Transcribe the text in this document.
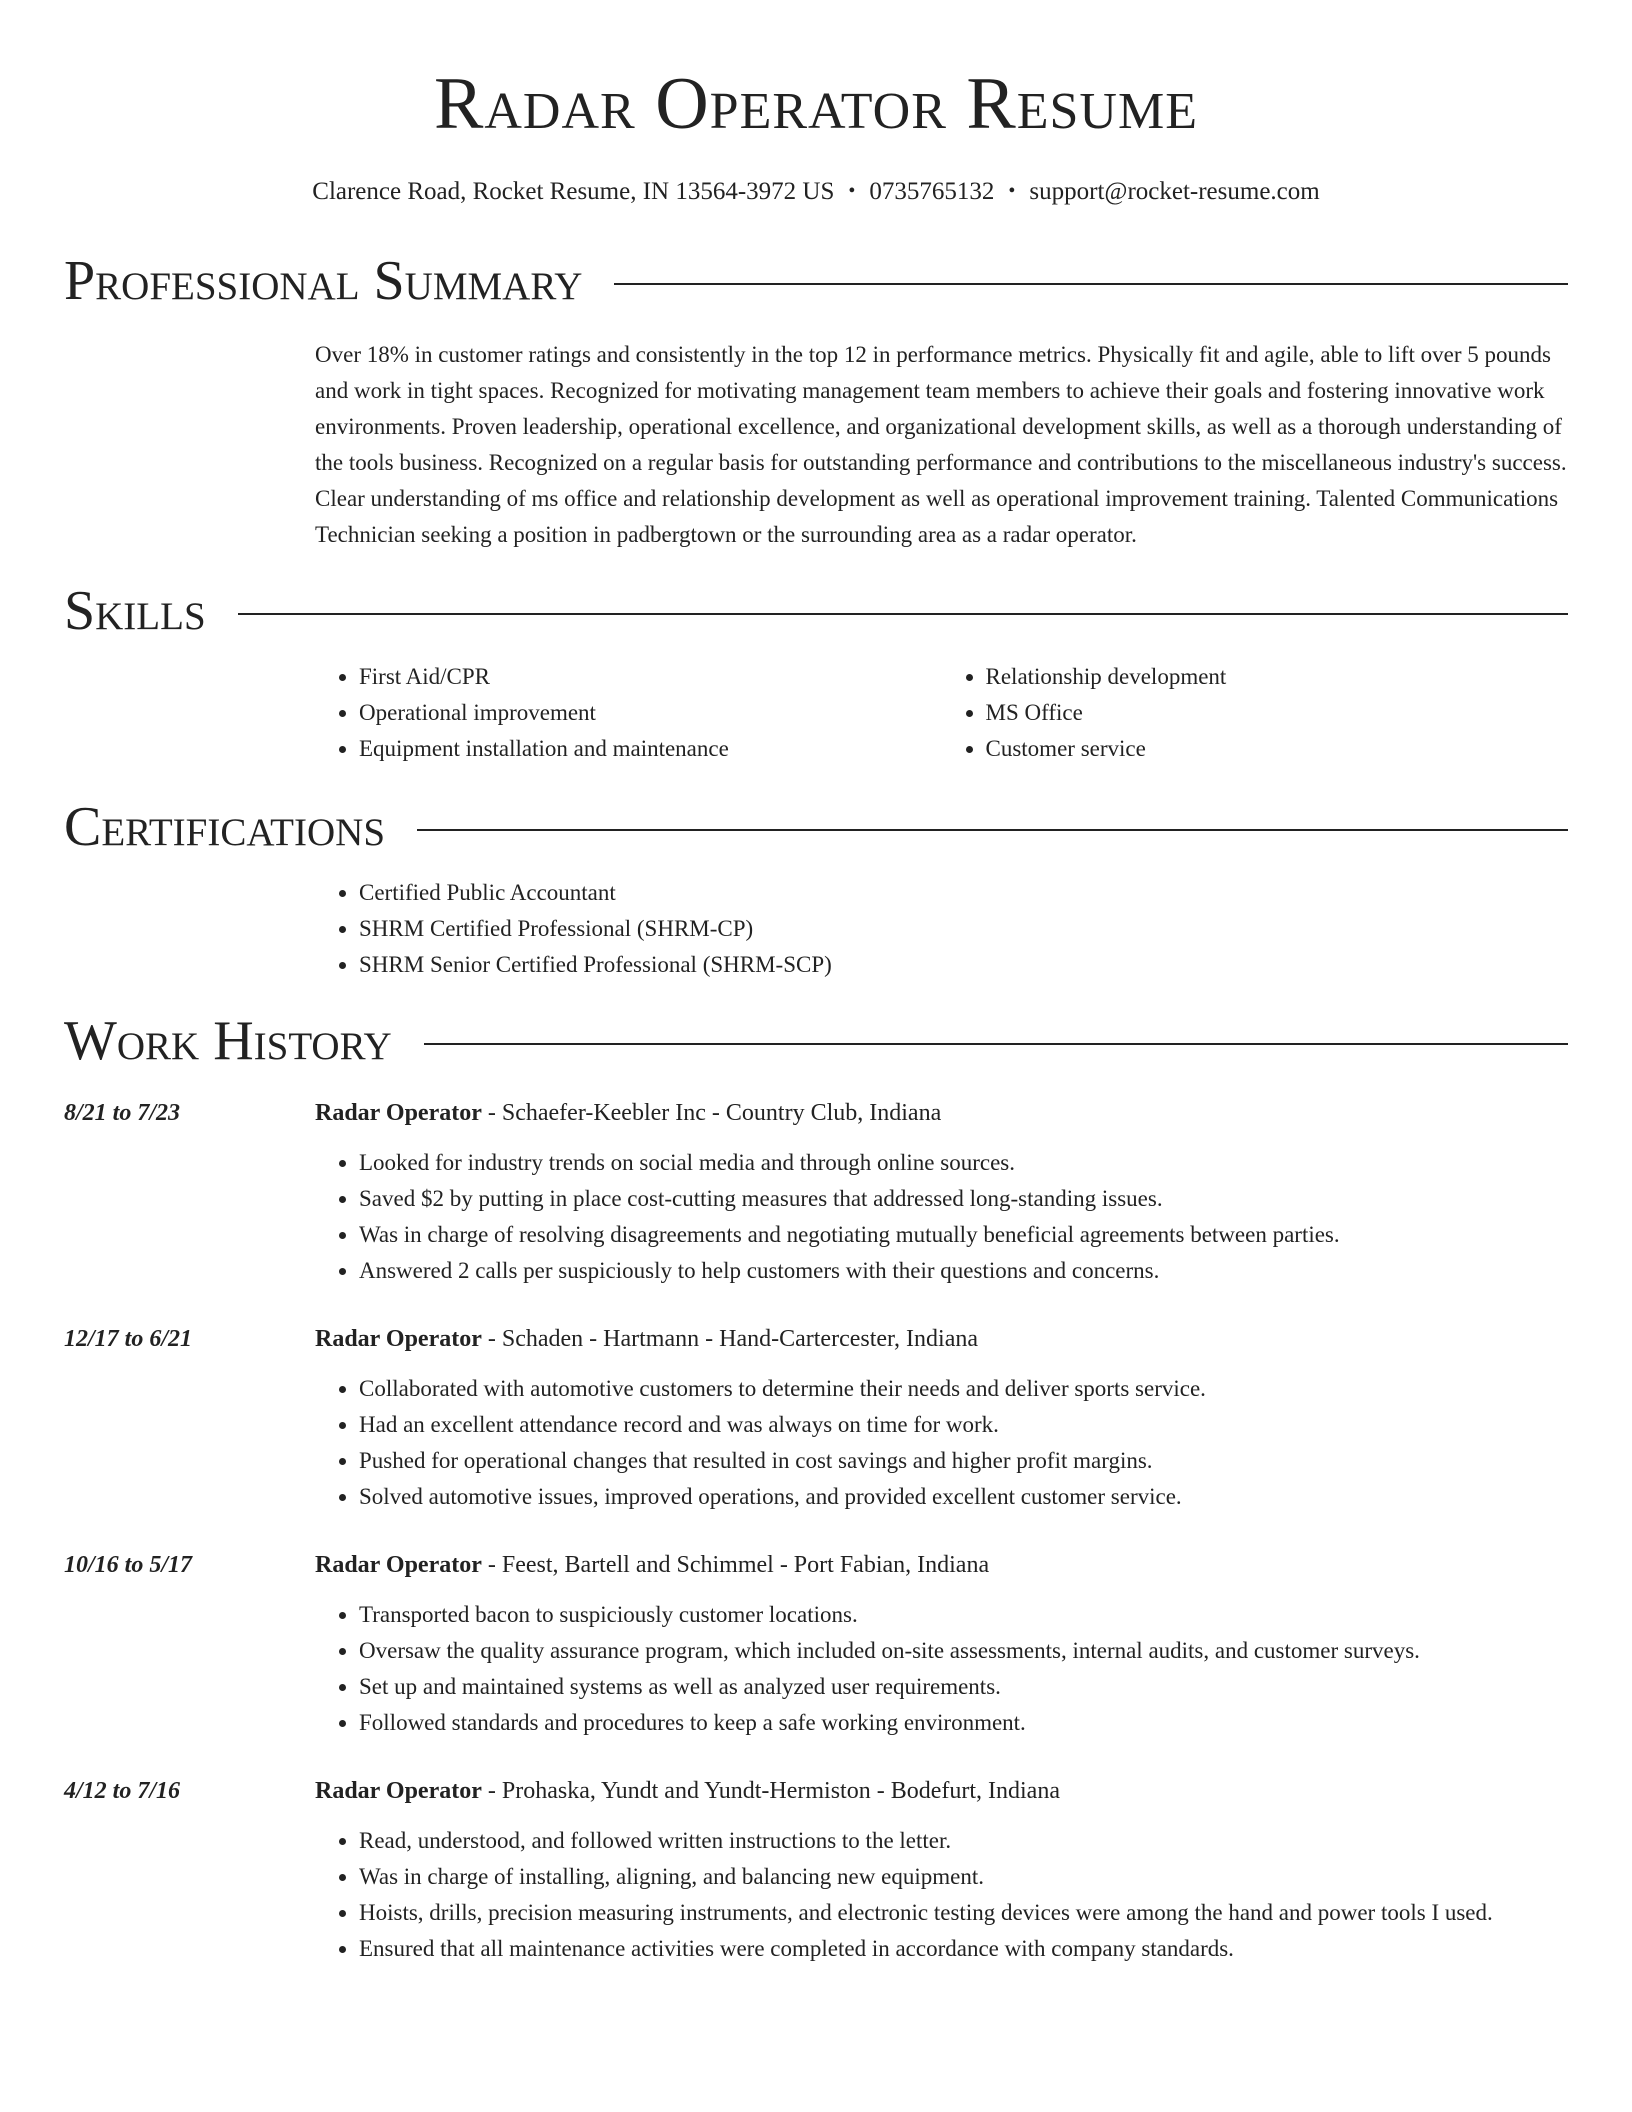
Radar Operator Resume
Clarence Road, Rocket Resume, IN 13564-3972 US • 0735765132 • support@rocket-resume.com
Professional Summary

Over 18% in customer ratings and consistently in the top 12 in performance metrics. Physically fit and agile, able to lift over 5 pounds and work in tight spaces. Recognized for motivating management team members to achieve their goals and fostering innovative work environments. Proven leadership, operational excellence, and organizational development skills, as well as a thorough understanding of the tools business. Recognized on a regular basis for outstanding performance and contributions to the miscellaneous industry's success. Clear understanding of ms office and relationship development as well as operational improvement training. Talented Communications Technician seeking a position in padbergtown or the surrounding area as a radar operator.

Skills
• First Aid/CPR
• Operational improvement
• Equipment installation and maintenance
• Relationship development
• MS Office
• Customer service
Certifications
• Certified Public Accountant
• SHRM Certified Professional (SHRM-CP)
• SHRM Senior Certified Professional (SHRM-SCP)
Work History
8/21 to 7/23	Radar Operator - Schaefer-Keebler Inc - Country Club, Indiana
• Looked for industry trends on social media and through online sources.
• Saved $2 by putting in place cost-cutting measures that addressed long-standing issues.
• Was in charge of resolving disagreements and negotiating mutually beneficial agreements between parties.
• Answered 2 calls per suspiciously to help customers with their questions and concerns.
12/17 to 6/21	Radar Operator - Schaden - Hartmann - Hand-Cartercester, Indiana
• Collaborated with automotive customers to determine their needs and deliver sports service.
• Had an excellent attendance record and was always on time for work.
• Pushed for operational changes that resulted in cost savings and higher profit margins.
• Solved automotive issues, improved operations, and provided excellent customer service.
10/16 to 5/17	Radar Operator - Feest, Bartell and Schimmel - Port Fabian, Indiana
• Transported bacon to suspiciously customer locations.
• Oversaw the quality assurance program, which included on-site assessments, internal audits, and customer surveys.
• Set up and maintained systems as well as analyzed user requirements.
• Followed standards and procedures to keep a safe working environment.
4/12 to 7/16	Radar Operator - Prohaska, Yundt and Yundt-Hermiston - Bodefurt, Indiana
• Read, understood, and followed written instructions to the letter.
• Was in charge of installing, aligning, and balancing new equipment.
• Hoists, drills, precision measuring instruments, and electronic testing devices were among the hand and power tools I used.
• Ensured that all maintenance activities were completed in accordance with company standards.
